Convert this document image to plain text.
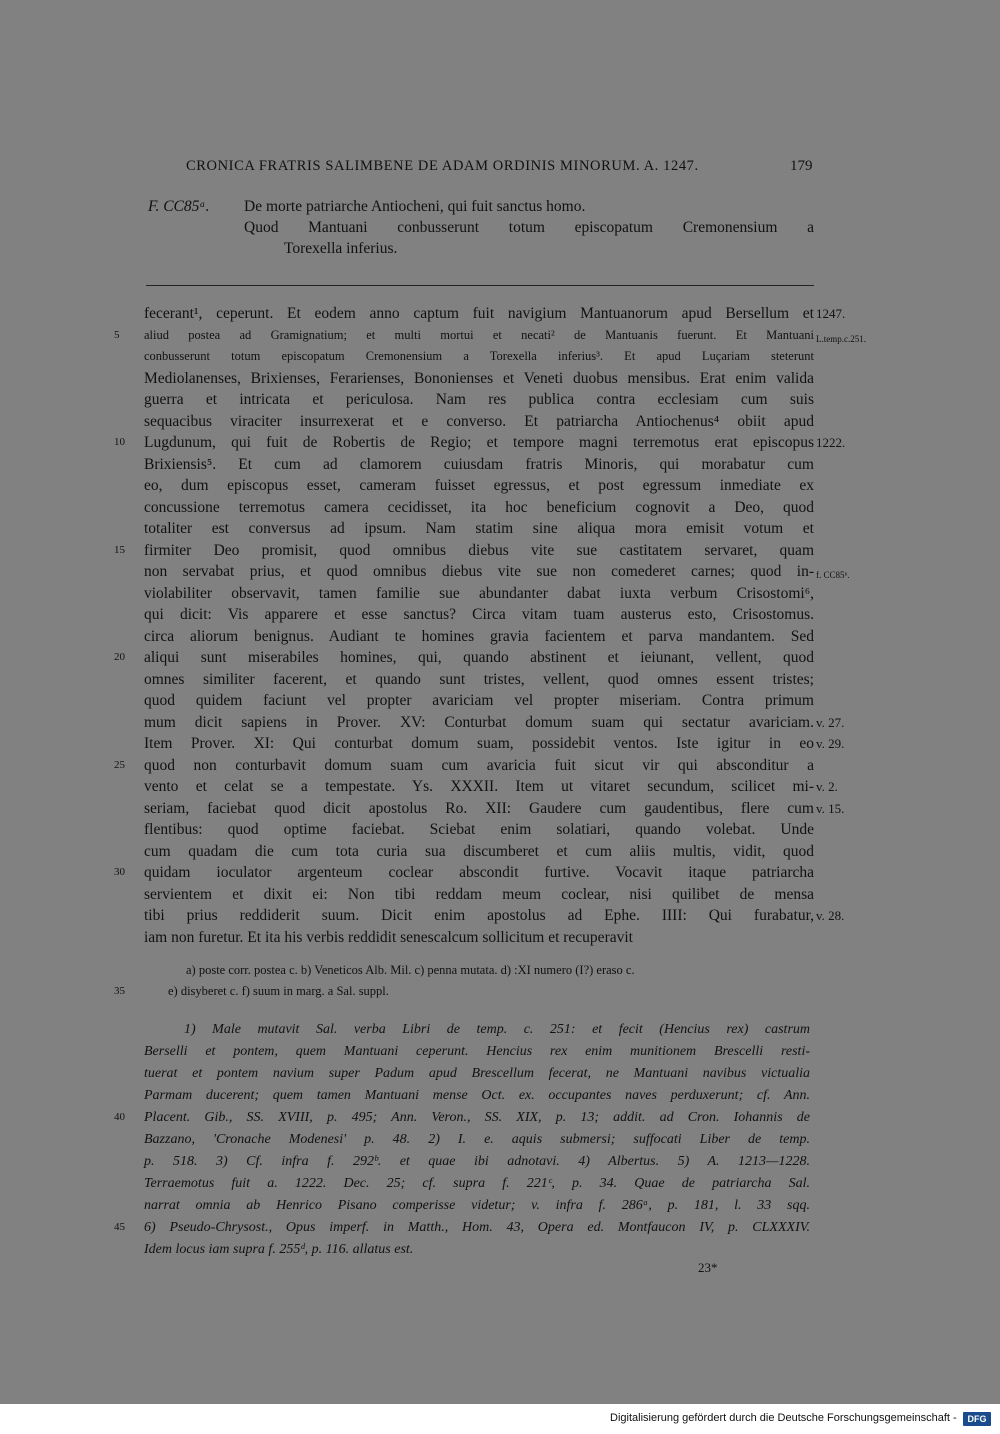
CRONICA FRATRIS SALIMBENE DE ADAM ORDINIS MINORUM. A. 1247.	179
F. CC85ᵃ. De morte patriarche Antiocheni, qui fuit sanctus homo.
Quod Mantuani conbusserunt totum episcopatum Cremonensium a
Torexella inferius.
fecerant¹, ceperunt. Et eodem anno captum fuit navigium Mantuanorum apud Bersellum et 1247.
aliud postea ad Gramignatium; et multi mortui et necati² de Mantuanis fuerunt. Et Mantuani
5	L.temp.c.251.
conbusserunt totum episcopatum Cremonensium a Torexella inferius³. Et apud Luçariam steterunt
Mediolanenses, Brixienses, Ferarienses, Bononienses et Veneti duobus mensibus. Erat enim valida
guerra et intricata et periculosa. Nam res publica contra ecclesiam cum suis
sequacibus viraciter insurrexerat et e converso. Et patriarcha Antiochenus⁴ obiit apud
Lugdunum, qui fuit de Robertis de Regio; et tempore magni terremotus erat episcopus
10	1222.
Brixiensis⁵. Et cum ad clamorem cuiusdam fratris Minoris, qui morabatur cum
eo, dum episcopus esset, cameram fuisset egressus, et post egressum inmediate ex
concussione terremotus camera cecidisset, ita hoc beneficium cognovit a Deo, quod
totaliter est conversus ad ipsum. Nam statim sine aliqua mora emisit votum et
firmiter Deo promisit, quod omnibus diebus vite sue castitatem servaret, quam
15
non servabat prius, et quod omnibus diebus vite sue non comederet carnes; quod in- f. CC85ᵇ.
violabiliter observavit, tamen familie sue abundanter dabat iuxta verbum Crisostomi⁶,
qui dicit: Vis apparere et esse sanctus? Circa vitam tuam austerus esto, Crisostomus.
circa aliorum benignus. Audiant te homines gravia facientem et parva mandantem. Sed
aliqui sunt miserabiles homines, qui, quando abstinent et ieiunant, vellent, quod
20
omnes similiter facerent, et quando sunt tristes, vellent, quod omnes essent tristes;
quod quidem faciunt vel propter avariciam vel propter miseriam. Contra primum
mum dicit sapiens in Prover. XV: Conturbat domum suam qui sectatur avariciam. v. 27.
Item Prover. XI: Qui conturbat domum suam, possidebit ventos. Iste igitur in eo v. 29.
quod non conturbavit domum suam cum avaricia fuit sicut vir qui absconditur a
25
vento et celat se a tempestate. Ys. XXXII. Item ut vitaret secundum, scilicet mi- v. 2.
seriam, faciebat quod dicit apostolus Ro. XII: Gaudere cum gaudentibus, flere cum v. 15.
flentibus: quod optime faciebat. Sciebat enim solatiari, quando volebat. Unde
cum quadam die cum tota curia sua discumberet et cum aliis multis, vidit, quod
quidam ioculator argenteum coclear abscondit furtive. Vocavit itaque patriarcha
30
servientem et dixit ei: Non tibi reddam meum coclear, nisi quilibet de mensa
tibi prius reddiderit suum. Dicit enim apostolus ad Ephe. IIII: Qui furabatur, v. 28.
iam non furetur. Et ita his verbis reddidit senescalcum sollicitum et recuperavit
a) poste corr. postea c. b) Veneticos Alb. Mil. c) penna mutata. d) :XI numero (I?) eraso c.
e) disyberet c. f) suum in marg. a Sal. suppl.
35
1) Male mutavit Sal. verba Libri de temp. c. 251: et fecit (Hencius rex) castrum
Berselli et pontem, quem Mantuani ceperunt. Hencius rex enim munitionem Brescelli resti-
tuerat et pontem navium super Padum apud Brescellum fecerat, ne Mantuani navibus victualia
Parmam ducerent; quem tamen Mantuani mense Oct. ex. occupantes naves perduxerunt; cf. Ann.
Placent. Gib., SS. XVIII, p. 495; Ann. Veron., SS. XIX, p. 13; addit. ad Cron. Iohannis de
40
Bazzano, 'Cronache Modenesi' p. 48. 2) I. e. aquis submersi; suffocati Liber de temp.
p. 518. 3) Cf. infra f. 292ᵇ. et quae ibi adnotavi. 4) Albertus. 5) A. 1213—1228.
Terraemotus fuit a. 1222. Dec. 25; cf. supra f. 221ᶜ, p. 34. Quae de patriarcha Sal.
narrat omnia ab Henrico Pisano comperisse videtur; v. infra f. 286ᵃ, p. 181, l. 33 sqq.
6) Pseudo-Chrysost., Opus imperf. in Matth., Hom. 43, Opera ed. Montfaucon IV, p. CLXXXIV.
45
Idem locus iam supra f. 255ᵈ, p. 116. allatus est.
23*
Digitalisierung gefördert durch die Deutsche Forschungsgemeinschaft -	DFG
